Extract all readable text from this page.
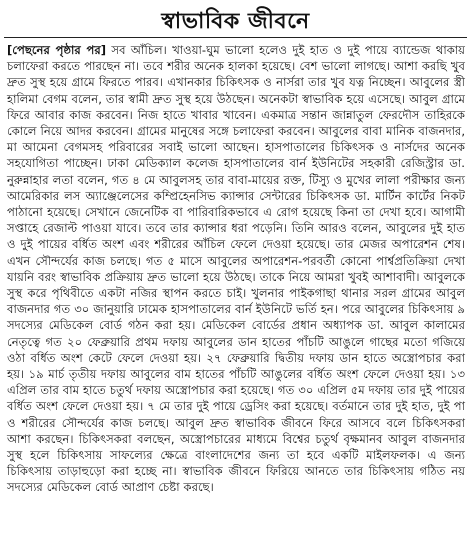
স্বাভাবিক জীবনে

[পেছনের পৃষ্ঠার পর] সব আঁচিল। খাওয়া-ঘুম ভালো হলেও দুই হাত ও দুই পায়ে ব্যান্ডেজ থাকায় চলাফেরা করতে পারছেন না। তবে শরীর অনেক হালকা হয়েছে। বেশ ভালো লাগছে। আশা করছি খুব দ্রুত সুস্থ হয়ে গ্রামে ফিরতে পারব। এখানকার চিকিৎসক ও নার্সরা তার খুব যত্ন নিচ্ছেন। আবুলের স্ত্রী হালিমা বেগম বলেন, তার স্বামী দ্রুত সুস্থ হয়ে উঠছেন। অনেকটা স্বাভাবিক হয়ে এসেছে। আবুল গ্রামে ফিরে আবার কাজ করবেন। নিজ হাতে খাবার খাবেন। একমাত্র সন্তান জান্নাতুল ফেরদৌস তাহিরকে কোলে নিয়ে আদর করবেন। গ্রামের মানুষের সঙ্গে চলাফেরা করবেন। আবুলের বাবা মানিক বাজনদার, মা আমেনা বেগমসহ পরিবারের সবাই ভালো আছেন। হাসপাতালের চিকিৎসক ও নার্সদের অনেক সহযোগিতা পাচ্ছেন। ঢাকা মেডিক্যাল কলেজ হাসপাতালের বার্ন ইউনিটের সহকারী রেজিস্ট্রার ডা. নুরুন্নাহার লতা বলেন, গত ৪ মে আবুলসহ তার বাবা-মায়ের রক্ত, টিস্যু ও মুখের লালা পরীক্ষার জন্য আমেরিকার লস অ্যাঞ্জেলেসের কম্প্রিহেনসিভ ক্যান্সার সেন্টারের চিকিৎসক ডা. মার্টিন কার্টের নিকট পাঠানো হয়েছে। সেখানে জেনেটিক বা পারিবারিকভাবে এ রোগ হয়েছে কিনা তা দেখা হবে। আগামী সপ্তাহে রেজাল্ট পাওয়া যাবে। তবে তার ক্যান্সার ধরা পড়েনি। তিনি আরও বলেন, আবুলের দুই হাত ও দুই পায়ের বর্ধিত অংশ এবং শরীরের আঁচিল ফেলে দেওয়া হয়েছে। তার মেজর অপারেশন শেষ। এখন সৌন্দর্যের কাজ চলছে। গত ৫ মাসে আবুলের অপারেশন-পরবর্তী কোনো পার্শ্বপ্রতিক্রিয়া দেখা যায়নি বরং স্বাভাবিক প্রক্রিয়ায় দ্রুত ভালো হয়ে উঠছে। তাকে নিয়ে আমরা খুবই আশাবাদী। আবুলকে সুস্থ করে পৃথিবীতে একটা নজির স্থাপন করতে চাই। খুলনার পাইকগাছা থানার সরল গ্রামের আবুল বাজনদার গত ৩০ জানুয়ারি ঢামেক হাসপাতালের বার্ন ইউনিটে ভর্তি হন। পরে আবুলের চিকিৎসায় ৯ সদস্যের মেডিকেল বোর্ড গঠন করা হয়। মেডিকেল বোর্ডের প্রধান অধ্যাপক ডা. আবুল কালামের নেতৃত্বে গত ২০ ফেব্রুয়ারি প্রথম দফায় আবুলের ডান হাতের পাঁচটি আঙুলে গাছের মতো গজিয়ে ওঠা বর্ধিত অংশ কেটে ফেলে দেওয়া হয়। ২৭ ফেব্রুয়ারি দ্বিতীয় দফায় ডান হাতে অস্ত্রোপচার করা হয়। ১৯ মার্চ তৃতীয় দফায় আবুলের বাম হাতের পাঁচটি আঙুলের বর্ধিত অংশ ফেলে দেওয়া হয়। ১৩ এপ্রিল তার বাম হাতে চতুর্থ দফায় অস্ত্রোপচার করা হয়েছে। গত ৩০ এপ্রিল ৫ম দফায় তার দুই পায়ের বর্ধিত অংশ ফেলে দেওয়া হয়। ৭ মে তার দুই পায়ে ড্রেসিং করা হয়েছে। বর্তমানে তার দুই হাত, দুই পা ও শরীরের সৌন্দর্যের কাজ চলছে। আবুল দ্রুত স্বাভাবিক জীবনে ফিরে আসবে বলে চিকিৎসকরা আশা করছেন। চিকিৎসকরা বলছেন, অস্ত্রোপচারের মাধ্যমে বিশ্বের চতুর্থ বৃক্ষমানব আবুল বাজনদার সুস্থ হলে চিকিৎসায় সাফল্যের ক্ষেত্রে বাংলাদেশের জন্য তা হবে একটি মাইলফলক। এ জন্য চিকিৎসায় তাড়াহুড়ো করা হচ্ছে না। স্বাভাবিক জীবনে ফিরিয়ে আনতে তার চিকিৎসায় গঠিত নয় সদস্যের মেডিকেল বোর্ড আপ্রাণ চেষ্টা করছে।
